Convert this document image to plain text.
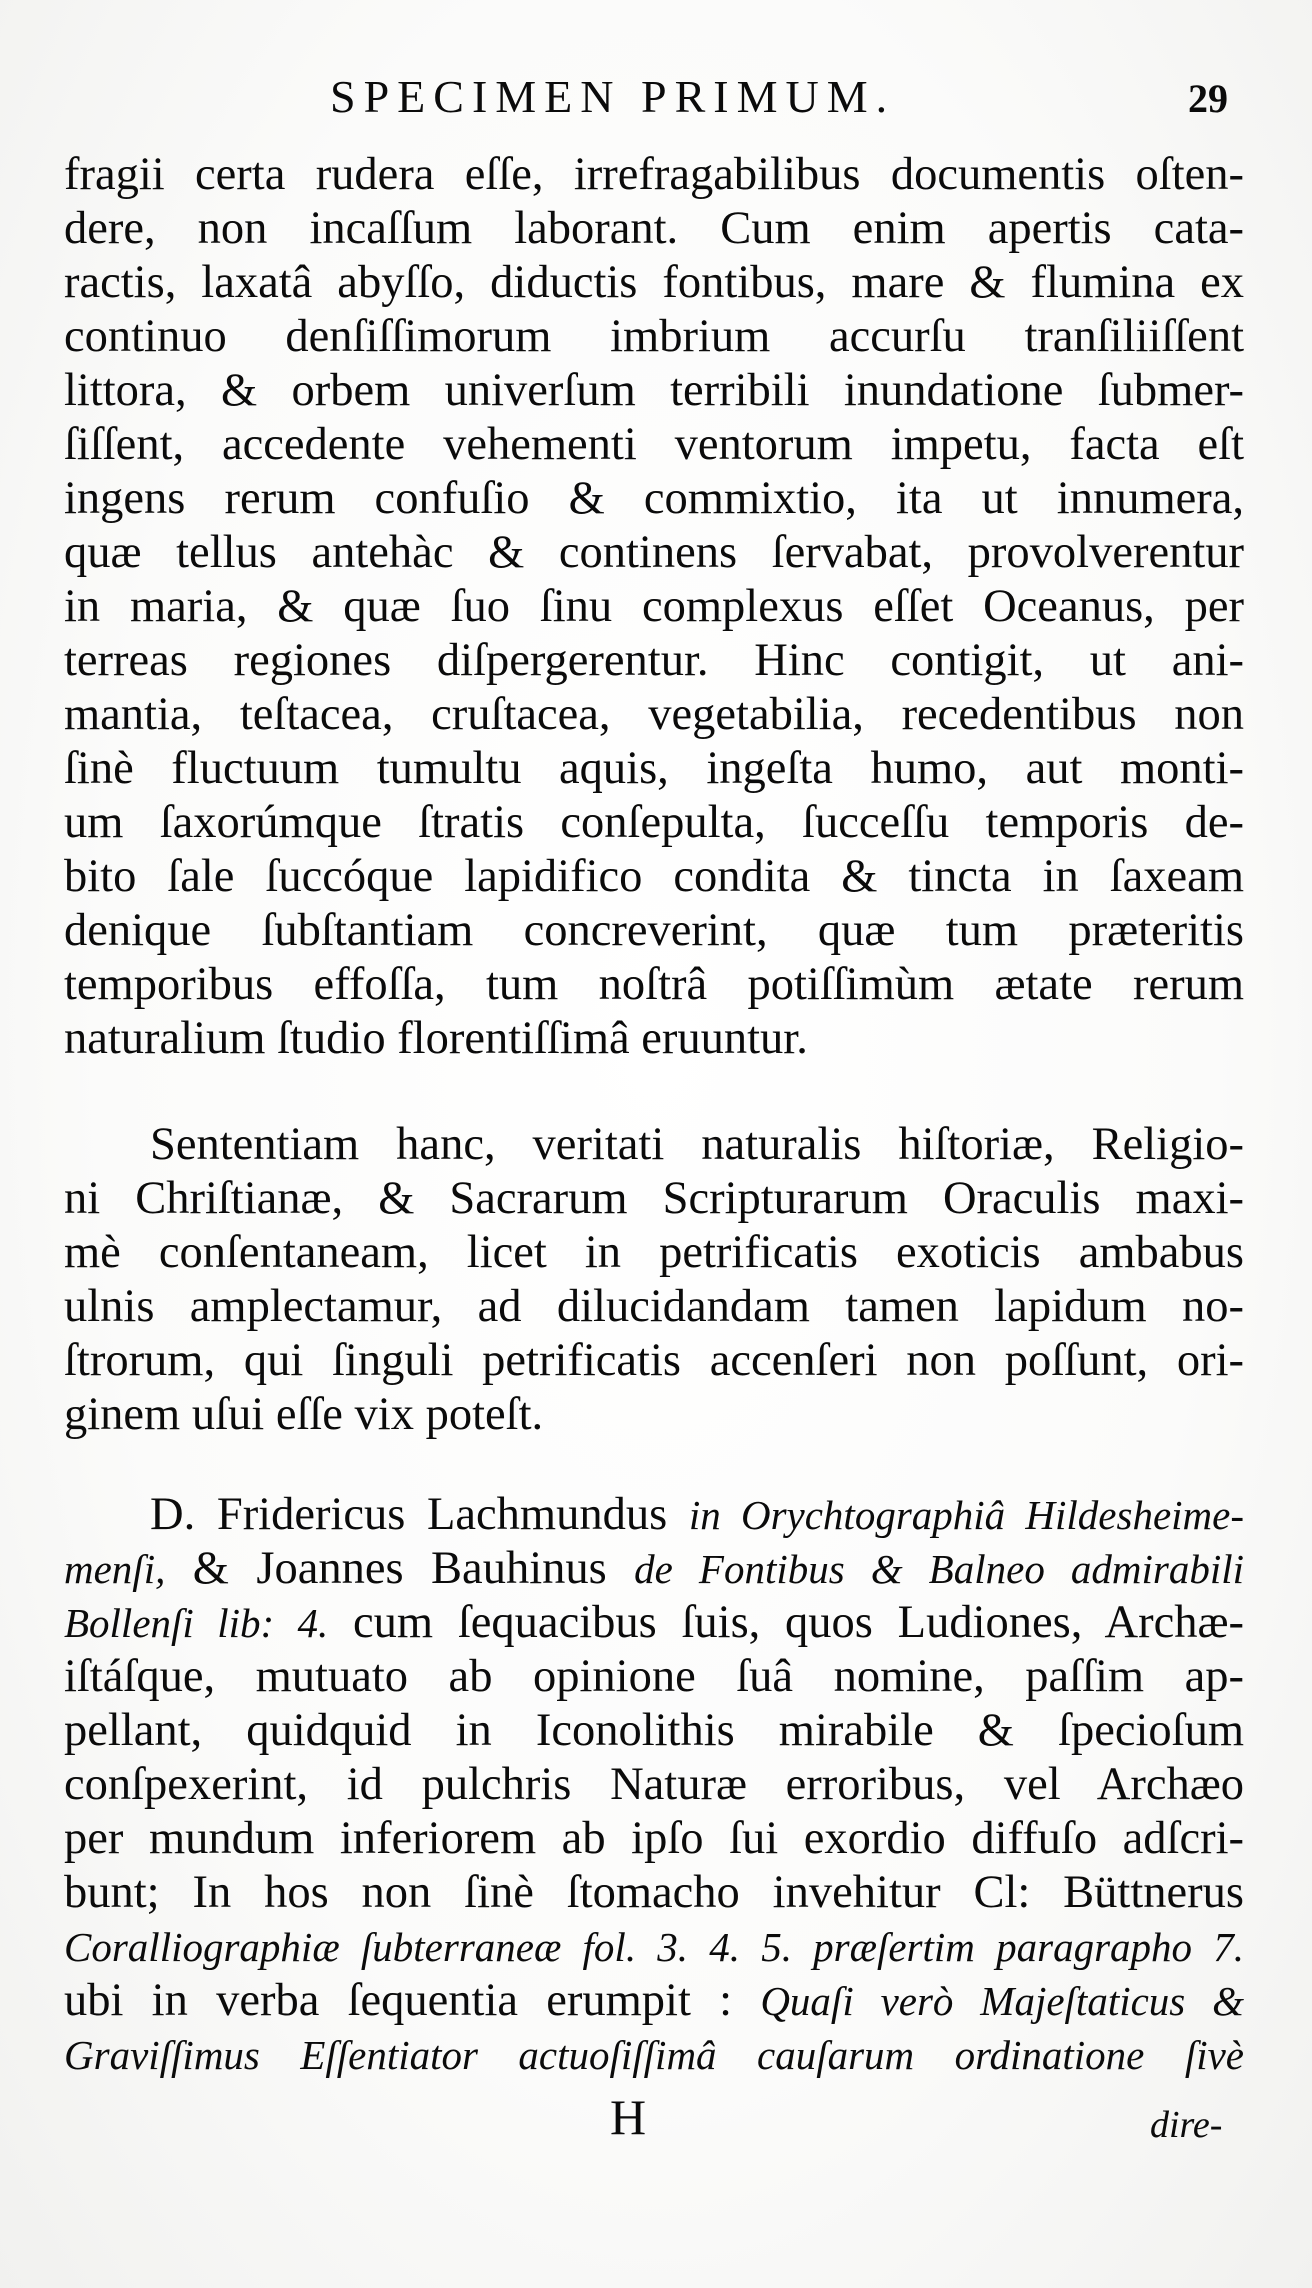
SPECIMEN PRIMUM.	29
fragii certa rudera eſſe, irrefragabilibus documentis oſten-
dere, non incaſſum laborant. Cum enim apertis cata-
ractis, laxatâ abyſſo, diductis fontibus, mare & flumina ex
continuo denſiſſimorum imbrium accurſu tranſiliiſſent
littora, & orbem univerſum terribili inundatione ſubmer-
ſiſſent, accedente vehementi ventorum impetu, facta eſt
ingens rerum confuſio & commixtio, ita ut innumera,
quæ tellus antehàc & continens ſervabat, provolverentur
in maria, & quæ ſuo ſinu complexus eſſet Oceanus, per
terreas regiones diſpergerentur. Hinc contigit, ut ani-
mantia, teſtacea, cruſtacea, vegetabilia, recedentibus non
ſinè fluctuum tumultu aquis, ingeſta humo, aut monti-
um ſaxorúmque ſtratis conſepulta, ſucceſſu temporis de-
bito ſale ſuccóque lapidifico condita & tincta in ſaxeam
denique ſubſtantiam concreverint, quæ tum præteritis
temporibus effoſſa, tum noſtrâ potiſſimùm ætate rerum
naturalium ſtudio florentiſſimâ eruuntur.
Sententiam hanc, veritati naturalis hiſtoriæ, Religio-
ni Chriſtianæ, & Sacrarum Scripturarum Oraculis maxi-
mè conſentaneam, licet in petrificatis exoticis ambabus
ulnis amplectamur, ad dilucidandam tamen lapidum no-
ſtrorum, qui ſinguli petrificatis accenſeri non poſſunt, ori-
ginem uſui eſſe vix poteſt.
D. Fridericus Lachmundus in Orychtographiâ Hildesheime-
menſi, & Joannes Bauhinus de Fontibus & Balneo admirabili
Bollenſi lib: 4. cum ſequacibus ſuis, quos Ludiones, Archæ-
iſtáſque, mutuato ab opinione ſuâ nomine, paſſim ap-
pellant, quidquid in Iconolithis mirabile & ſpecioſum
conſpexerint, id pulchris Naturæ erroribus, vel Archæo
per mundum inferiorem ab ipſo ſui exordio diffuſo adſcri-
bunt; In hos non ſinè ſtomacho invehitur Cl: Büttnerus
Coralliographiæ ſubterraneæ fol. 3. 4. 5. præſertim paragrapho 7.
ubi in verba ſequentia erumpit : Quaſi verò Majeſtaticus &
Graviſſimus Eſſentiator actuoſiſſimâ cauſarum ordinatione ſivè
H	dire-
